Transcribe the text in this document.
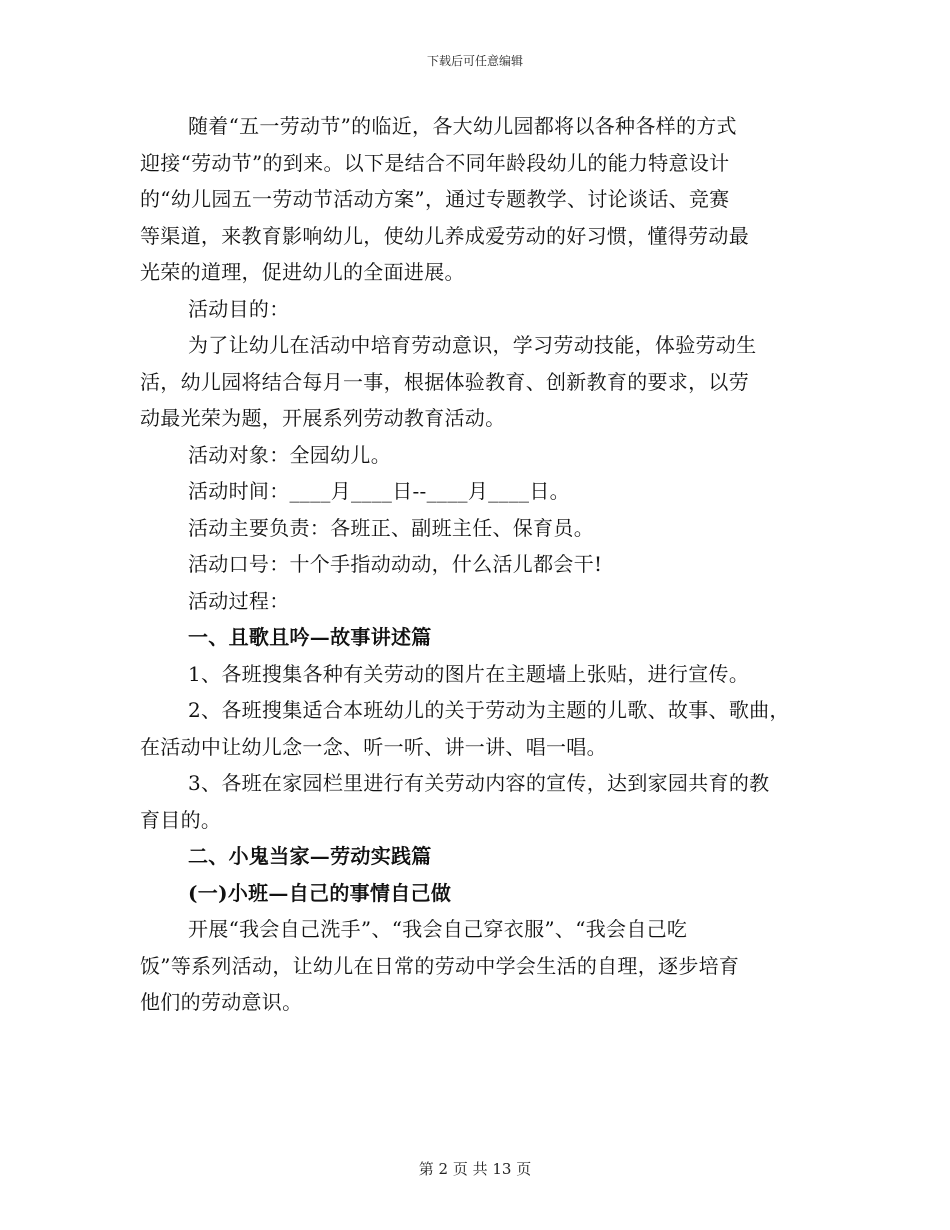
下载后可任意编辑
随着“五一劳动节”的临近，各大幼儿园都将以各种各样的方式
迎接“劳动节”的到来。以下是结合不同年龄段幼儿的能力特意设计
的“幼儿园五一劳动节活动方案”，通过专题教学、讨论谈话、竞赛
等渠道，来教育影响幼儿，使幼儿养成爱劳动的好习惯，懂得劳动最
光荣的道理，促进幼儿的全面进展。
活动目的：
为了让幼儿在活动中培育劳动意识，学习劳动技能，体验劳动生
活，幼儿园将结合每月一事，根据体验教育、创新教育的要求，以劳
动最光荣为题，开展系列劳动教育活动。
活动对象：全园幼儿。
活动时间：____月____日--____月____日。
活动主要负责：各班正、副班主任、保育员。
活动口号：十个手指动动动，什么活儿都会干!
活动过程：
一、且歌且吟—故事讲述篇
1、各班搜集各种有关劳动的图片在主题墙上张贴，进行宣传。
2、各班搜集适合本班幼儿的关于劳动为主题的儿歌、故事、歌曲，
在活动中让幼儿念一念、听一听、讲一讲、唱一唱。
3、各班在家园栏里进行有关劳动内容的宣传，达到家园共育的教
育目的。
二、小鬼当家—劳动实践篇
(一)小班—自己的事情自己做
开展“我会自己洗手”、“我会自己穿衣服”、“我会自己吃
饭”等系列活动，让幼儿在日常的劳动中学会生活的自理，逐步培育
他们的劳动意识。
第 2 页 共 13 页
